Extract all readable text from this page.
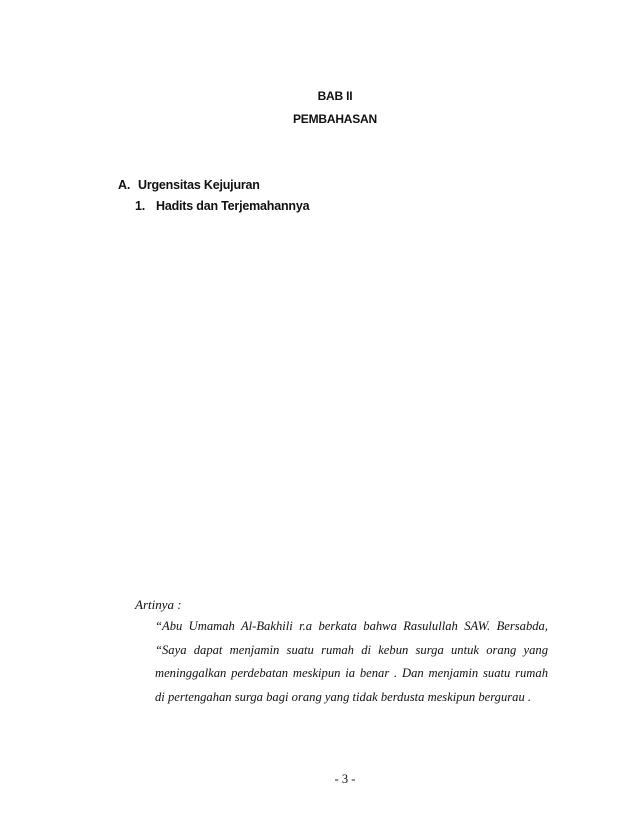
BAB II
PEMBAHASAN
A. Urgensitas Kejujuran
1. Hadits dan Terjemahannya
Artinya :
“Abu Umamah Al-Bakhili r.a berkata bahwa Rasulullah SAW. Bersabda,
“Saya dapat menjamin suatu rumah di kebun surga untuk orang yang
meninggalkan perdebatan meskipun ia benar . Dan menjamin suatu rumah
di pertengahan surga bagi orang yang tidak berdusta meskipun bergurau .
- 3 -
